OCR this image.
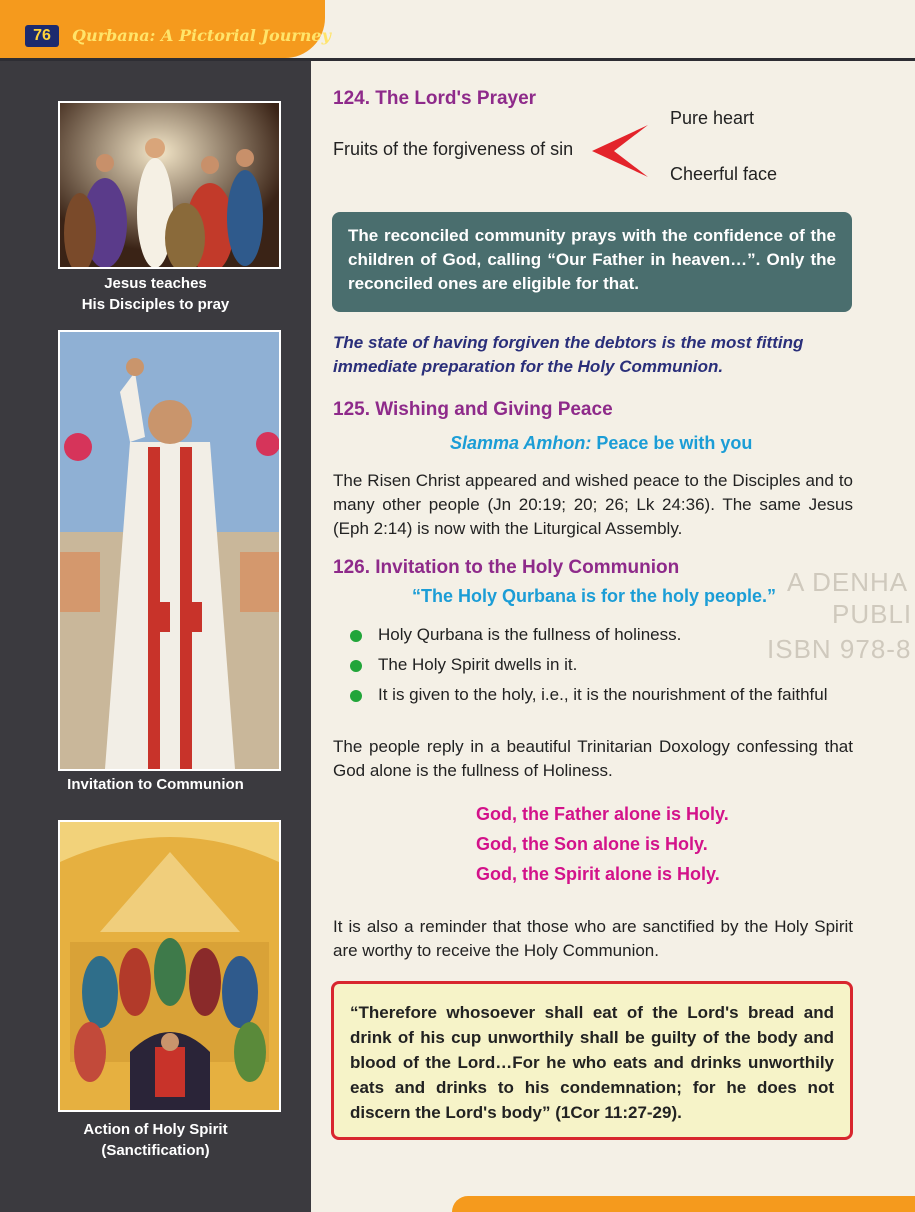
76	Qurbana: A Pictorial Journey
Jesus teaches
His Disciples to pray
Invitation to Communion
Action of Holy Spirit
(Sanctification)
A DENHA
PUBLI
ISBN 978-8
124. The Lord's Prayer
Fruits of the forgiveness of sin
Pure heart
Cheerful face
The reconciled community prays with the confidence of the children of God, calling “Our Father in heaven…”. Only the reconciled ones are eligible for that.
The state of having forgiven the debtors is the most fitting immediate preparation for the Holy Communion.
125. Wishing and Giving Peace
Slamma Amhon: Peace be with you
The Risen Christ appeared and wished peace to the Disciples and to many other people (Jn 20:19; 20; 26; Lk 24:36). The same Jesus (Eph 2:14) is now with the Liturgical Assembly.
126. Invitation to the Holy Communion
“The Holy Qurbana is for the holy people.”
Holy Qurbana is the fullness of holiness.
The Holy Spirit dwells in it.
It is given to the holy, i.e., it is the nourishment of the faithful
The people reply in a beautiful Trinitarian Doxology confessing that God alone is the fullness of Holiness.
God, the Father alone is Holy.
God, the Son alone is Holy.
God, the Spirit alone is Holy.
It is also a reminder that those who are sanctified by the Holy Spirit are worthy to receive the Holy Communion.
“Therefore whosoever shall eat of the Lord's bread and drink of his cup unworthily shall be guilty of the body and blood of the Lord…For he who eats and drinks unworthily eats and drinks to his condemnation; for he does not discern the Lord's body” (1Cor 11:27-29).
